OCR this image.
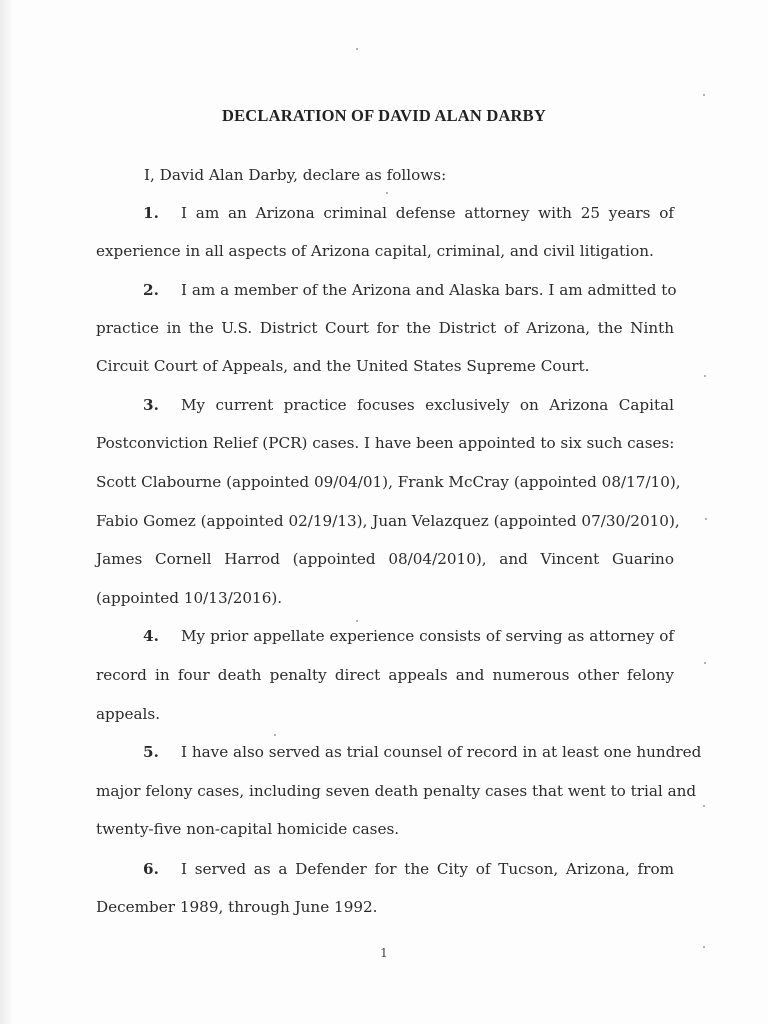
DECLARATION OF DAVID ALAN DARBY
I, David Alan Darby, declare as follows:
1. I am an Arizona criminal defense attorney with 25 years of
experience in all aspects of Arizona capital, criminal, and civil litigation.
2. I am a member of the Arizona and Alaska bars. I am admitted to
practice in the U.S. District Court for the District of Arizona, the Ninth
Circuit Court of Appeals, and the United States Supreme Court.
3. My current practice focuses exclusively on Arizona Capital
Postconviction Relief (PCR) cases. I have been appointed to six such cases:
Scott Clabourne (appointed 09/04/01), Frank McCray (appointed 08/17/10),
Fabio Gomez (appointed 02/19/13), Juan Velazquez (appointed 07/30/2010),
James Cornell Harrod (appointed 08/04/2010), and Vincent Guarino
(appointed 10/13/2016).
4. My prior appellate experience consists of serving as attorney of
record in four death penalty direct appeals and numerous other felony
appeals.
5. I have also served as trial counsel of record in at least one hundred
major felony cases, including seven death penalty cases that went to trial and
twenty-five non-capital homicide cases.
6. I served as a Defender for the City of Tucson, Arizona, from
December 1989, through June 1992.
1
